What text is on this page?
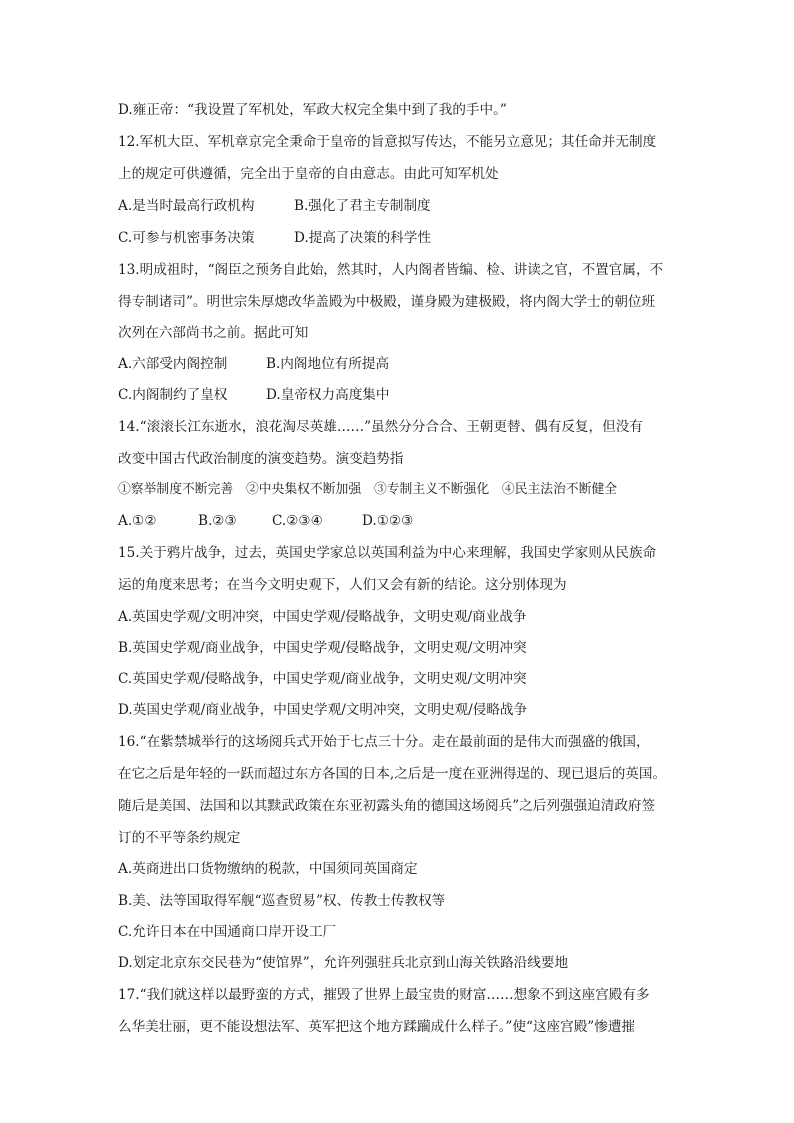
D.雍正帝：“我设置了军机处，军政大权完全集中到了我的手中。”
12.军机大臣、军机章京完全秉命于皇帝的旨意拟写传达，不能另立意见；其任命并无制度
上的规定可供遵循，完全出于皇帝的自由意志。由此可知军机处
A.是当时最高行政机构	B.强化了君主专制制度
C.可参与机密事务决策	D.提高了决策的科学性
13.明成祖时，“阁臣之预务自此始，然其时，人内阁者皆编、检、讲读之官，不置官属，不
得专制诸司”。明世宗朱厚熜改华盖殿为中极殿，谨身殿为建极殿，将内阁大学士的朝位班
次列在六部尚书之前。据此可知
A.六部受内阁控制	B.内阁地位有所提高
C.内阁制约了皇权	D.皇帝权力高度集中
14.“滚滚长江东逝水，浪花淘尽英雄……”虽然分分合合、王朝更替、偶有反复，但没有
改变中国古代政治制度的演变趋势。演变趋势指
①察举制度不断完善　②中央集权不断加强　③专制主义不断强化　④民主法治不断健全
A.①②	B.②③	C.②③④	D.①②③
15.关于鸦片战争，过去，英国史学家总以英国利益为中心来理解，我国史学家则从民族命
运的角度来思考；在当今文明史观下，人们又会有新的结论。这分别体现为
A.英国史学观/文明冲突，中国史学观/侵略战争，文明史观/商业战争
B.英国史学观/商业战争，中国史学观/侵略战争，文明史观/文明冲突
C.英国史学观/侵略战争，中国史学观/商业战争，文明史观/文明冲突
D.英国史学观/商业战争，中国史学观/文明冲突，文明史观/侵略战争
16.“在紫禁城举行的这场阅兵式开始于七点三十分。走在最前面的是伟大而强盛的俄国，
在它之后是年轻的一跃而超过东方各国的日本,之后是一度在亚洲得逞的、现已退后的英国。
随后是美国、法国和以其黩武政策在东亚初露头角的德国这场阅兵”之后列强强迫清政府签
订的不平等条约规定
A.英商进出口货物缴纳的税款，中国须同英国商定
B.美、法等国取得军舰“巡查贸易”权、传教士传教权等
C.允许日本在中国通商口岸开设工厂
D.划定北京东交民巷为“使馆界”，允许列强驻兵北京到山海关铁路沿线要地
17.“我们就这样以最野蛮的方式，摧毁了世界上最宝贵的财富……想象不到这座宫殿有多
么华美壮丽，更不能设想法军、英军把这个地方蹂躏成什么样子。”使“这座宫殿”惨遭摧
